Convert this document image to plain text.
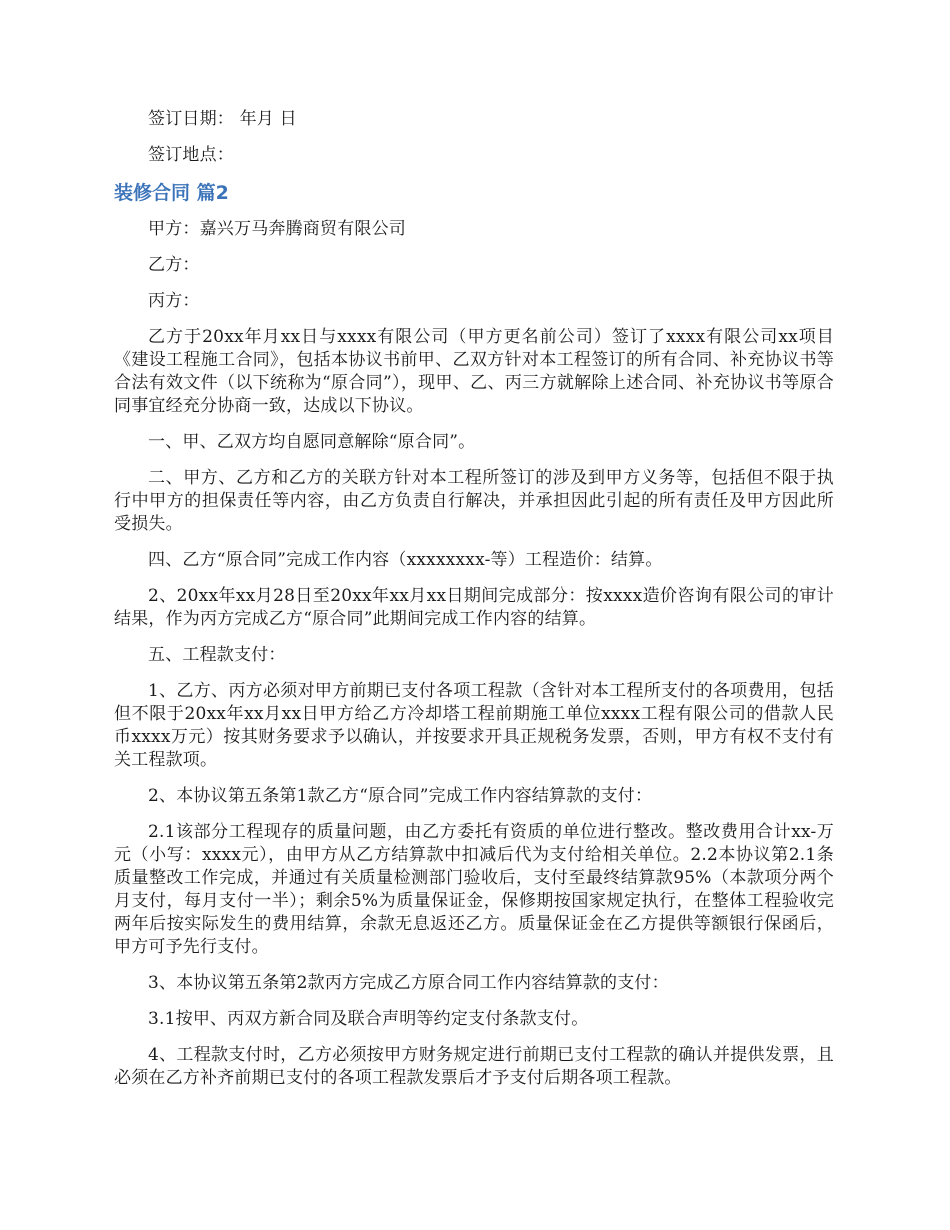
签订日期： 年月 日

签订地点：

装修合同 篇2

甲方：嘉兴万马奔腾商贸有限公司

乙方：

丙方：

乙方于20xx年月xx日与xxxx有限公司（甲方更名前公司）签订了xxxx有限公司xx项目《建设工程施工合同》，包括本协议书前甲、乙双方针对本工程签订的所有合同、补充协议书等合法有效文件（以下统称为“原合同”），现甲、乙、丙三方就解除上述合同、补充协议书等原合同事宜经充分协商一致，达成以下协议。

一、甲、乙双方均自愿同意解除“原合同”。

二、甲方、乙方和乙方的关联方针对本工程所签订的涉及到甲方义务等，包括但不限于执行中甲方的担保责任等内容，由乙方负责自行解决，并承担因此引起的所有责任及甲方因此所受损失。

四、乙方“原合同”完成工作内容（xxxxxxxx-等）工程造价：结算。

2、20xx年xx月28日至20xx年xx月xx日期间完成部分：按xxxx造价咨询有限公司的审计结果，作为丙方完成乙方“原合同”此期间完成工作内容的结算。

五、工程款支付：

1、乙方、丙方必须对甲方前期已支付各项工程款（含针对本工程所支付的各项费用，包括但不限于20xx年xx月xx日甲方给乙方冷却塔工程前期施工单位xxxx工程有限公司的借款人民币xxxx万元）按其财务要求予以确认，并按要求开具正规税务发票，否则，甲方有权不支付有关工程款项。

2、本协议第五条第1款乙方“原合同”完成工作内容结算款的支付：

2.1该部分工程现存的质量问题，由乙方委托有资质的单位进行整改。整改费用合计xx-万元（小写：xxxx元），由甲方从乙方结算款中扣减后代为支付给相关单位。2.2本协议第2.1条质量整改工作完成，并通过有关质量检测部门验收后，支付至最终结算款95%（本款项分两个月支付，每月支付一半）；剩余5%为质量保证金，保修期按国家规定执行，在整体工程验收完两年后按实际发生的费用结算，余款无息返还乙方。质量保证金在乙方提供等额银行保函后，甲方可予先行支付。

3、本协议第五条第2款丙方完成乙方原合同工作内容结算款的支付：

3.1按甲、丙双方新合同及联合声明等约定支付条款支付。

4、工程款支付时，乙方必须按甲方财务规定进行前期已支付工程款的确认并提供发票，且必须在乙方补齐前期已支付的各项工程款发票后才予支付后期各项工程款。
